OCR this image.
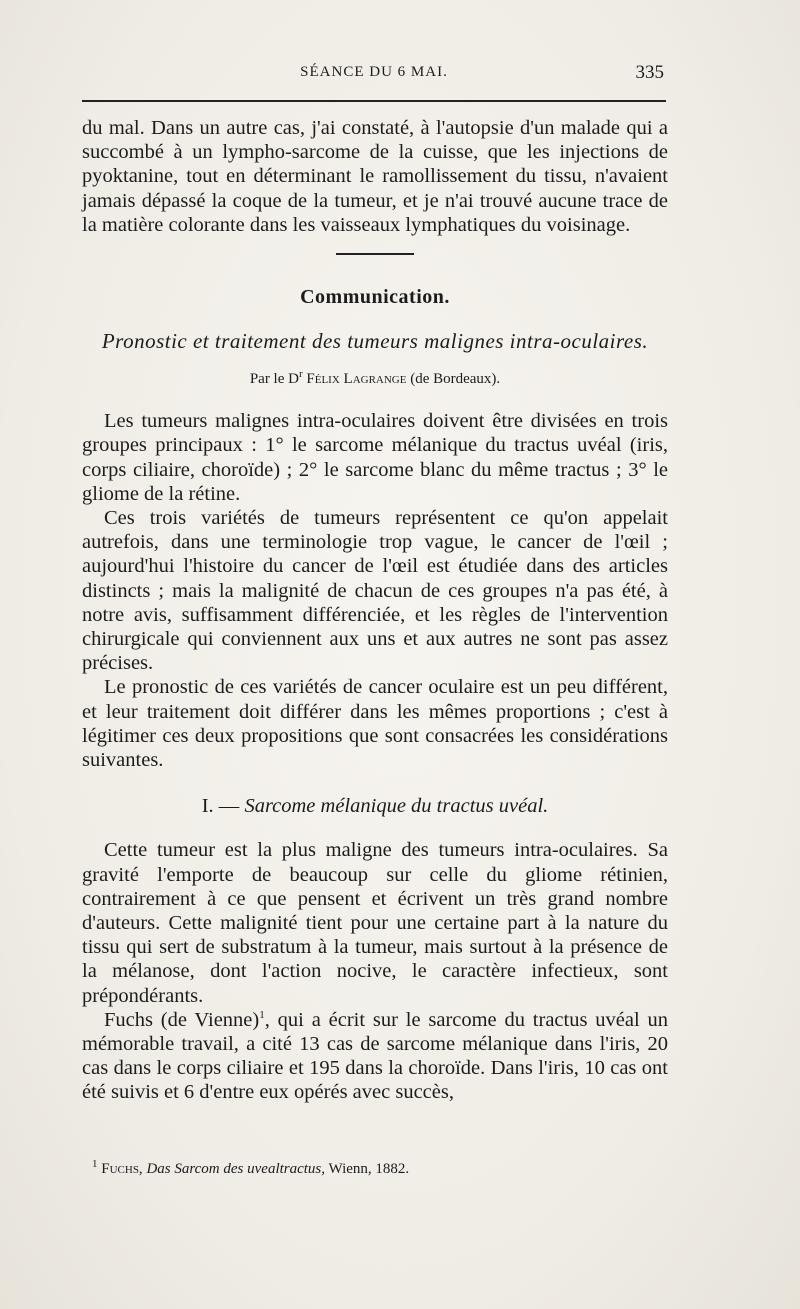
SÉANCE DU 6 MAI.	335

du mal. Dans un autre cas, j'ai constaté, à l'autopsie d'un malade qui a succombé à un lympho-sarcome de la cuisse, que les injections de pyoktanine, tout en déterminant le ramollissement du tissu, n'avaient jamais dépassé la coque de la tumeur, et je n'ai trouvé aucune trace de la matière colorante dans les vaisseaux lymphatiques du voisinage.

Communication.
Pronostic et traitement des tumeurs malignes intra-oculaires.
Par le $D^r$ Félix Lagrange (de Bordeaux).

Les tumeurs malignes intra-oculaires doivent être divisées en trois groupes principaux : 1° le sarcome mélanique du tractus uvéal (iris, corps ciliaire, choroïde) ; 2° le sarcome blanc du même tractus ; 3° le gliome de la rétine.

Ces trois variétés de tumeurs représentent ce qu'on appelait autrefois, dans une terminologie trop vague, le cancer de l'œil ; aujourd'hui l'histoire du cancer de l'œil est étudiée dans des articles distincts ; mais la malignité de chacun de ces groupes n'a pas été, à notre avis, suffisamment différenciée, et les règles de l'intervention chirurgicale qui conviennent aux uns et aux autres ne sont pas assez précises.

Le pronostic de ces variétés de cancer oculaire est un peu différent, et leur traitement doit différer dans les mêmes proportions ; c'est à légitimer ces deux propositions que sont consacrées les considérations suivantes.

I. — Sarcome mélanique du tractus uvéal.

Cette tumeur est la plus maligne des tumeurs intra-oculaires. Sa gravité l'emporte de beaucoup sur celle du gliome rétinien, contrairement à ce que pensent et écrivent un très grand nombre d'auteurs. Cette malignité tient pour une certaine part à la nature du tissu qui sert de substratum à la tumeur, mais surtout à la présence de la mélanose, dont l'action nocive, le caractère infectieux, sont prépondérants.

Fuchs (de Vienne)$^1$, qui a écrit sur le sarcome du tractus uvéal un mémorable travail, a cité 13 cas de sarcome mélanique dans l'iris, 20 cas dans le corps ciliaire et 195 dans la choroïde. Dans l'iris, 10 cas ont été suivis et 6 d'entre eux opérés avec succès,

$^1$ Fuchs, Das Sarcom des uvealtractus, Wienn, 1882.
